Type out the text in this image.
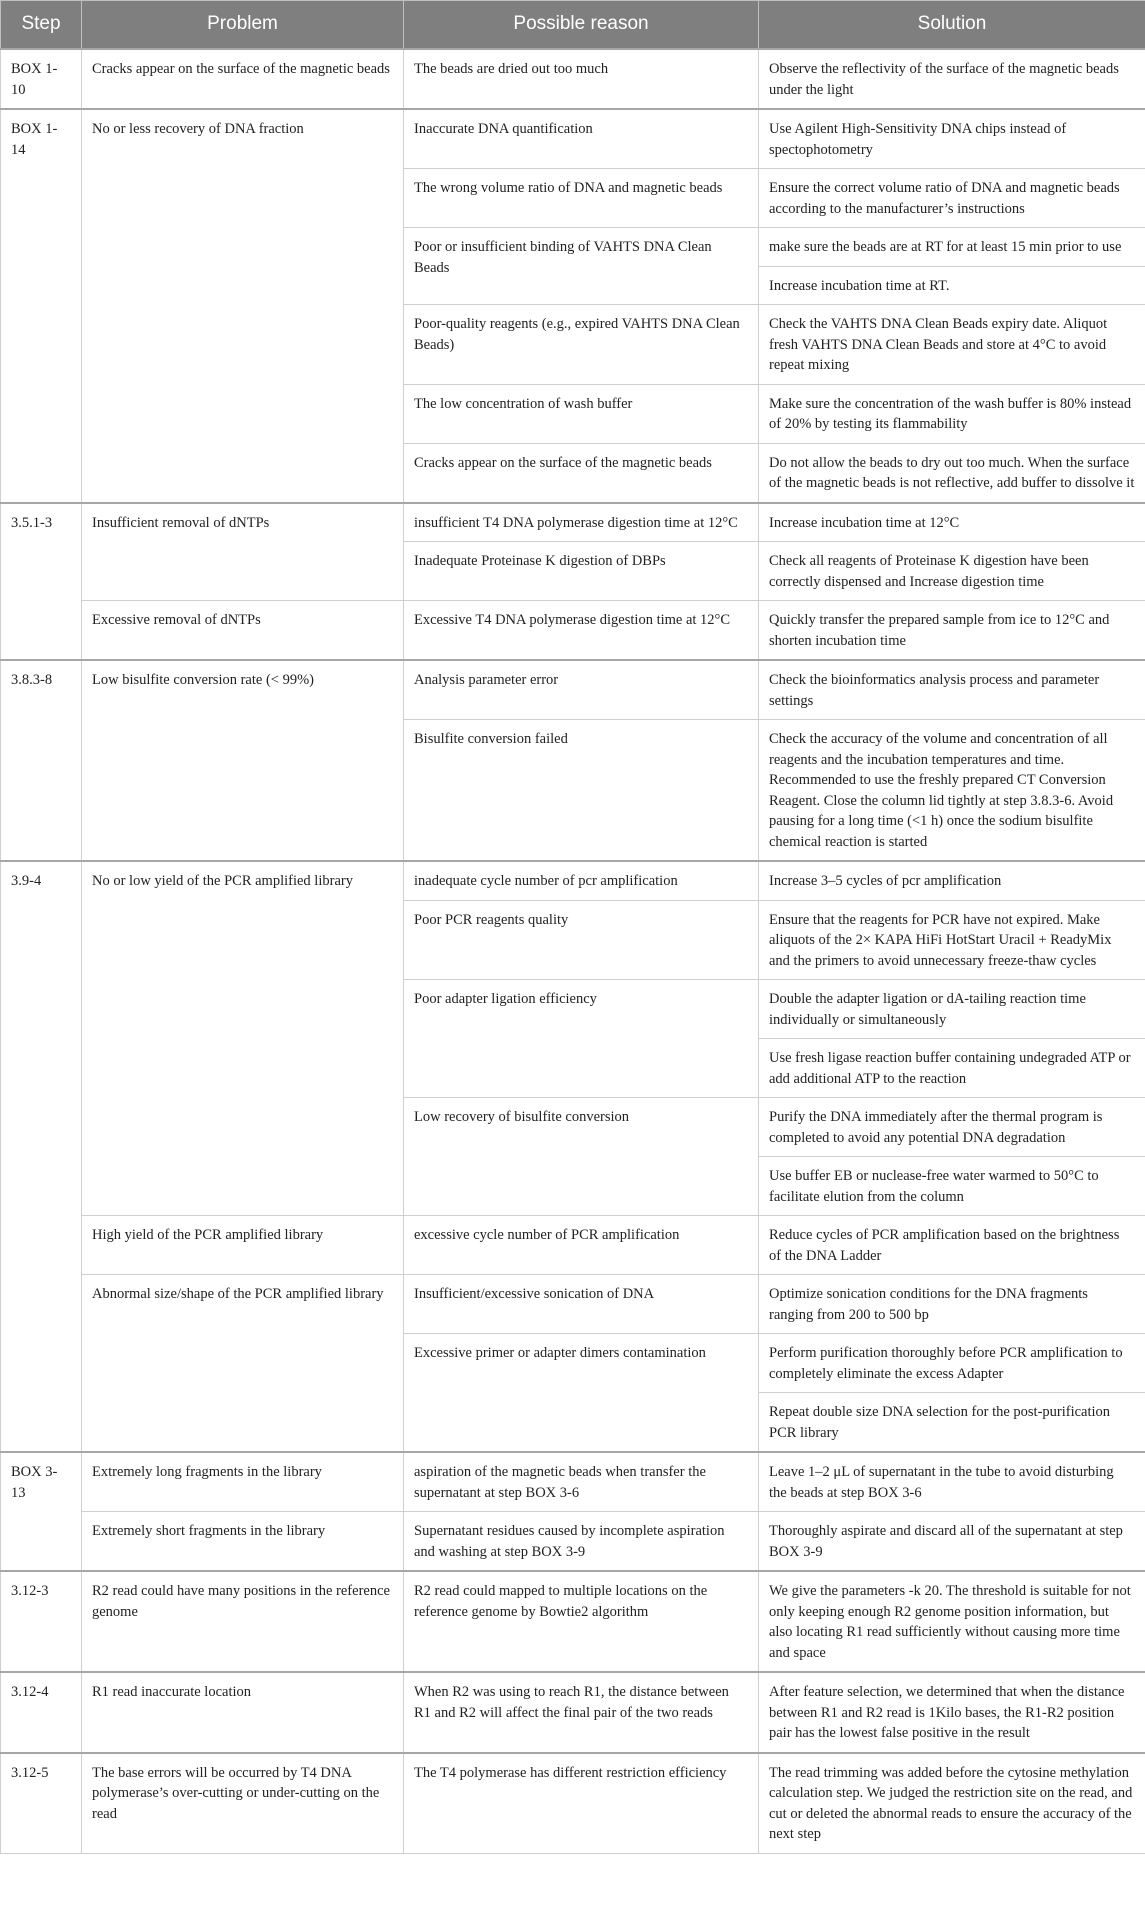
Step	Problem	Possible reason	Solution
BOX 1-10	Cracks appear on the surface of the magnetic beads	The beads are dried out too much	Observe the reflectivity of the surface of the magnetic beads under the light
BOX 1-14	No or less recovery of DNA fraction	Inaccurate DNA quantification	Use Agilent High-Sensitivity DNA chips instead of spectophotometry
		The wrong volume ratio of DNA and magnetic beads	Ensure the correct volume ratio of DNA and magnetic beads according to the manufacturer’s instructions
		Poor or insufficient binding of VAHTS DNA Clean Beads	make sure the beads are at RT for at least 15 min prior to use
			Increase incubation time at RT.
		Poor-quality reagents (e.g., expired VAHTS DNA Clean Beads)	Check the VAHTS DNA Clean Beads expiry date. Aliquot fresh VAHTS DNA Clean Beads and store at 4°C to avoid repeat mixing
		The low concentration of wash buffer	Make sure the concentration of the wash buffer is 80% instead of 20% by testing its flammability
		Cracks appear on the surface of the magnetic beads	Do not allow the beads to dry out too much. When the surface of the magnetic beads is not reflective, add buffer to dissolve it
3.5.1-3	Insufficient removal of dNTPs	insufficient T4 DNA polymerase digestion time at 12°C	Increase incubation time at 12°C
		Inadequate Proteinase K digestion of DBPs	Check all reagents of Proteinase K digestion have been correctly dispensed and Increase digestion time
	Excessive removal of dNTPs	Excessive T4 DNA polymerase digestion time at 12°C	Quickly transfer the prepared sample from ice to 12°C and shorten incubation time
3.8.3-8	Low bisulfite conversion rate (< 99%)	Analysis parameter error	Check the bioinformatics analysis process and parameter settings
		Bisulfite conversion failed	Check the accuracy of the volume and concentration of all reagents and the incubation temperatures and time. Recommended to use the freshly prepared CT Conversion Reagent. Close the column lid tightly at step 3.8.3-6. Avoid pausing for a long time (<1 h) once the sodium bisulfite chemical reaction is started
3.9-4	No or low yield of the PCR amplified library	inadequate cycle number of pcr amplification	Increase 3–5 cycles of pcr amplification
		Poor PCR reagents quality	Ensure that the reagents for PCR have not expired. Make aliquots of the 2× KAPA HiFi HotStart Uracil + ReadyMix and the primers to avoid unnecessary freeze-thaw cycles
		Poor adapter ligation efficiency	Double the adapter ligation or dA-tailing reaction time individually or simultaneously
			Use fresh ligase reaction buffer containing undegraded ATP or add additional ATP to the reaction
		Low recovery of bisulfite conversion	Purify the DNA immediately after the thermal program is completed to avoid any potential DNA degradation
			Use buffer EB or nuclease-free water warmed to 50°C to facilitate elution from the column
	High yield of the PCR amplified library	excessive cycle number of PCR amplification	Reduce cycles of PCR amplification based on the brightness of the DNA Ladder
	Abnormal size/shape of the PCR amplified library	Insufficient/excessive sonication of DNA	Optimize sonication conditions for the DNA fragments ranging from 200 to 500 bp
		Excessive primer or adapter dimers contamination	Perform purification thoroughly before PCR amplification to completely eliminate the excess Adapter
			Repeat double size DNA selection for the post-purification PCR library
BOX 3-13	Extremely long fragments in the library	aspiration of the magnetic beads when transfer the supernatant at step BOX 3-6	Leave 1–2 μL of supernatant in the tube to avoid disturbing the beads at step BOX 3-6
	Extremely short fragments in the library	Supernatant residues caused by incomplete aspiration and washing at step BOX 3-9	Thoroughly aspirate and discard all of the supernatant at step BOX 3-9
3.12-3	R2 read could have many positions in the reference genome	R2 read could mapped to multiple locations on the reference genome by Bowtie2 algorithm	We give the parameters -k 20. The threshold is suitable for not only keeping enough R2 genome position information, but also locating R1 read sufficiently without causing more time and space
3.12-4	R1 read inaccurate location	When R2 was using to reach R1, the distance between R1 and R2 will affect the final pair of the two reads	After feature selection, we determined that when the distance between R1 and R2 read is 1Kilo bases, the R1-R2 position pair has the lowest false positive in the result
3.12-5	The base errors will be occurred by T4 DNA polymerase’s over-cutting or under-cutting on the read	The T4 polymerase has different restriction efficiency	The read trimming was added before the cytosine methylation calculation step. We judged the restriction site on the read, and cut or deleted the abnormal reads to ensure the accuracy of the next step
